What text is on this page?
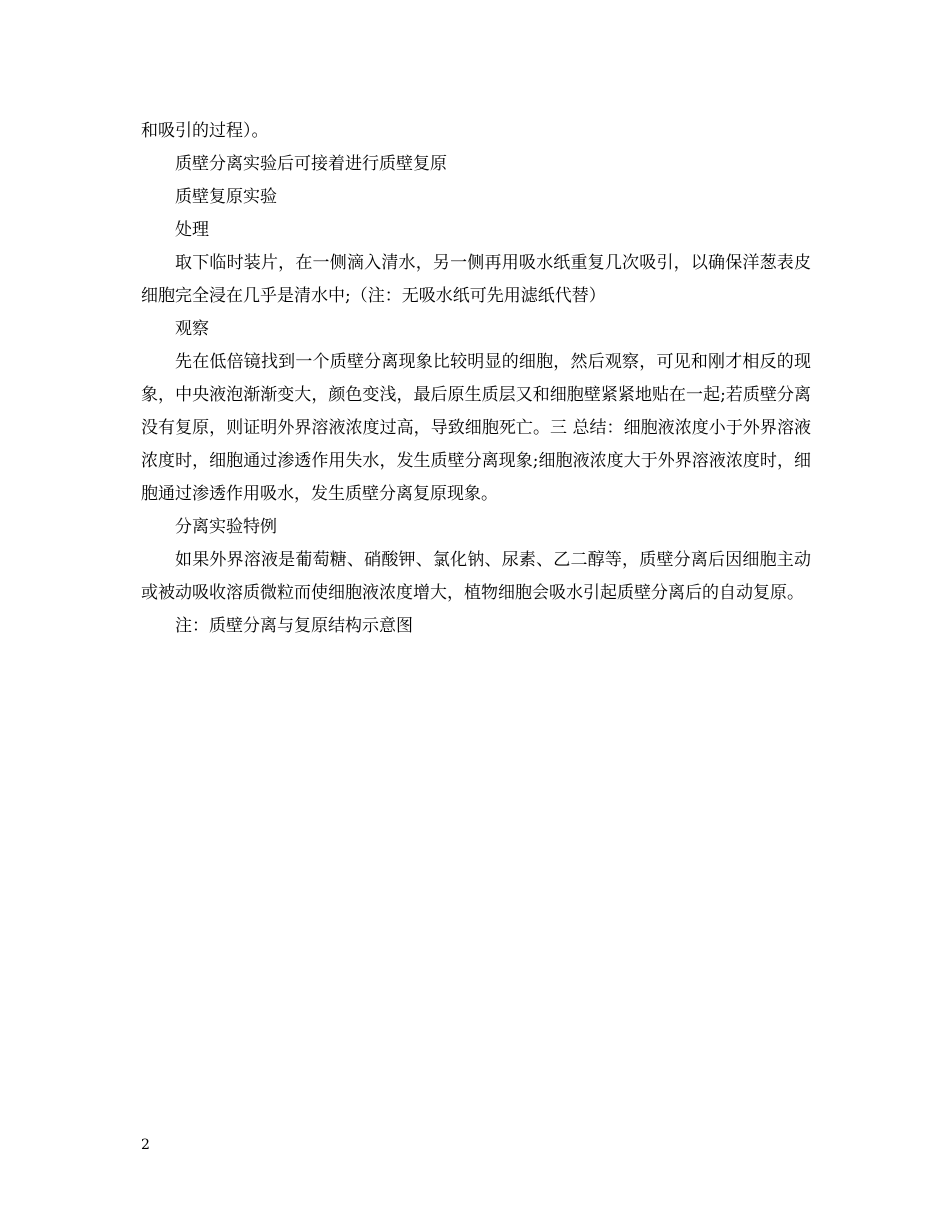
和吸引的过程）。

质壁分离实验后可接着进行质壁复原

质壁复原实验

处理

取下临时装片，在一侧滴入清水，另一侧再用吸水纸重复几次吸引，以确保洋葱表皮细胞完全浸在几乎是清水中;（注：无吸水纸可先用滤纸代替）

观察

先在低倍镜找到一个质壁分离现象比较明显的细胞，然后观察，可见和刚才相反的现象，中央液泡渐渐变大，颜色变浅，最后原生质层又和细胞壁紧紧地贴在一起;若质壁分离没有复原，则证明外界溶液浓度过高，导致细胞死亡。三 总结：细胞液浓度小于外界溶液浓度时，细胞通过渗透作用失水，发生质壁分离现象;细胞液浓度大于外界溶液浓度时，细胞通过渗透作用吸水，发生质壁分离复原现象。

分离实验特例

如果外界溶液是葡萄糖、硝酸钾、氯化钠、尿素、乙二醇等，质壁分离后因细胞主动或被动吸收溶质微粒而使细胞液浓度增大，植物细胞会吸水引起质壁分离后的自动复原。

注：质壁分离与复原结构示意图

2
